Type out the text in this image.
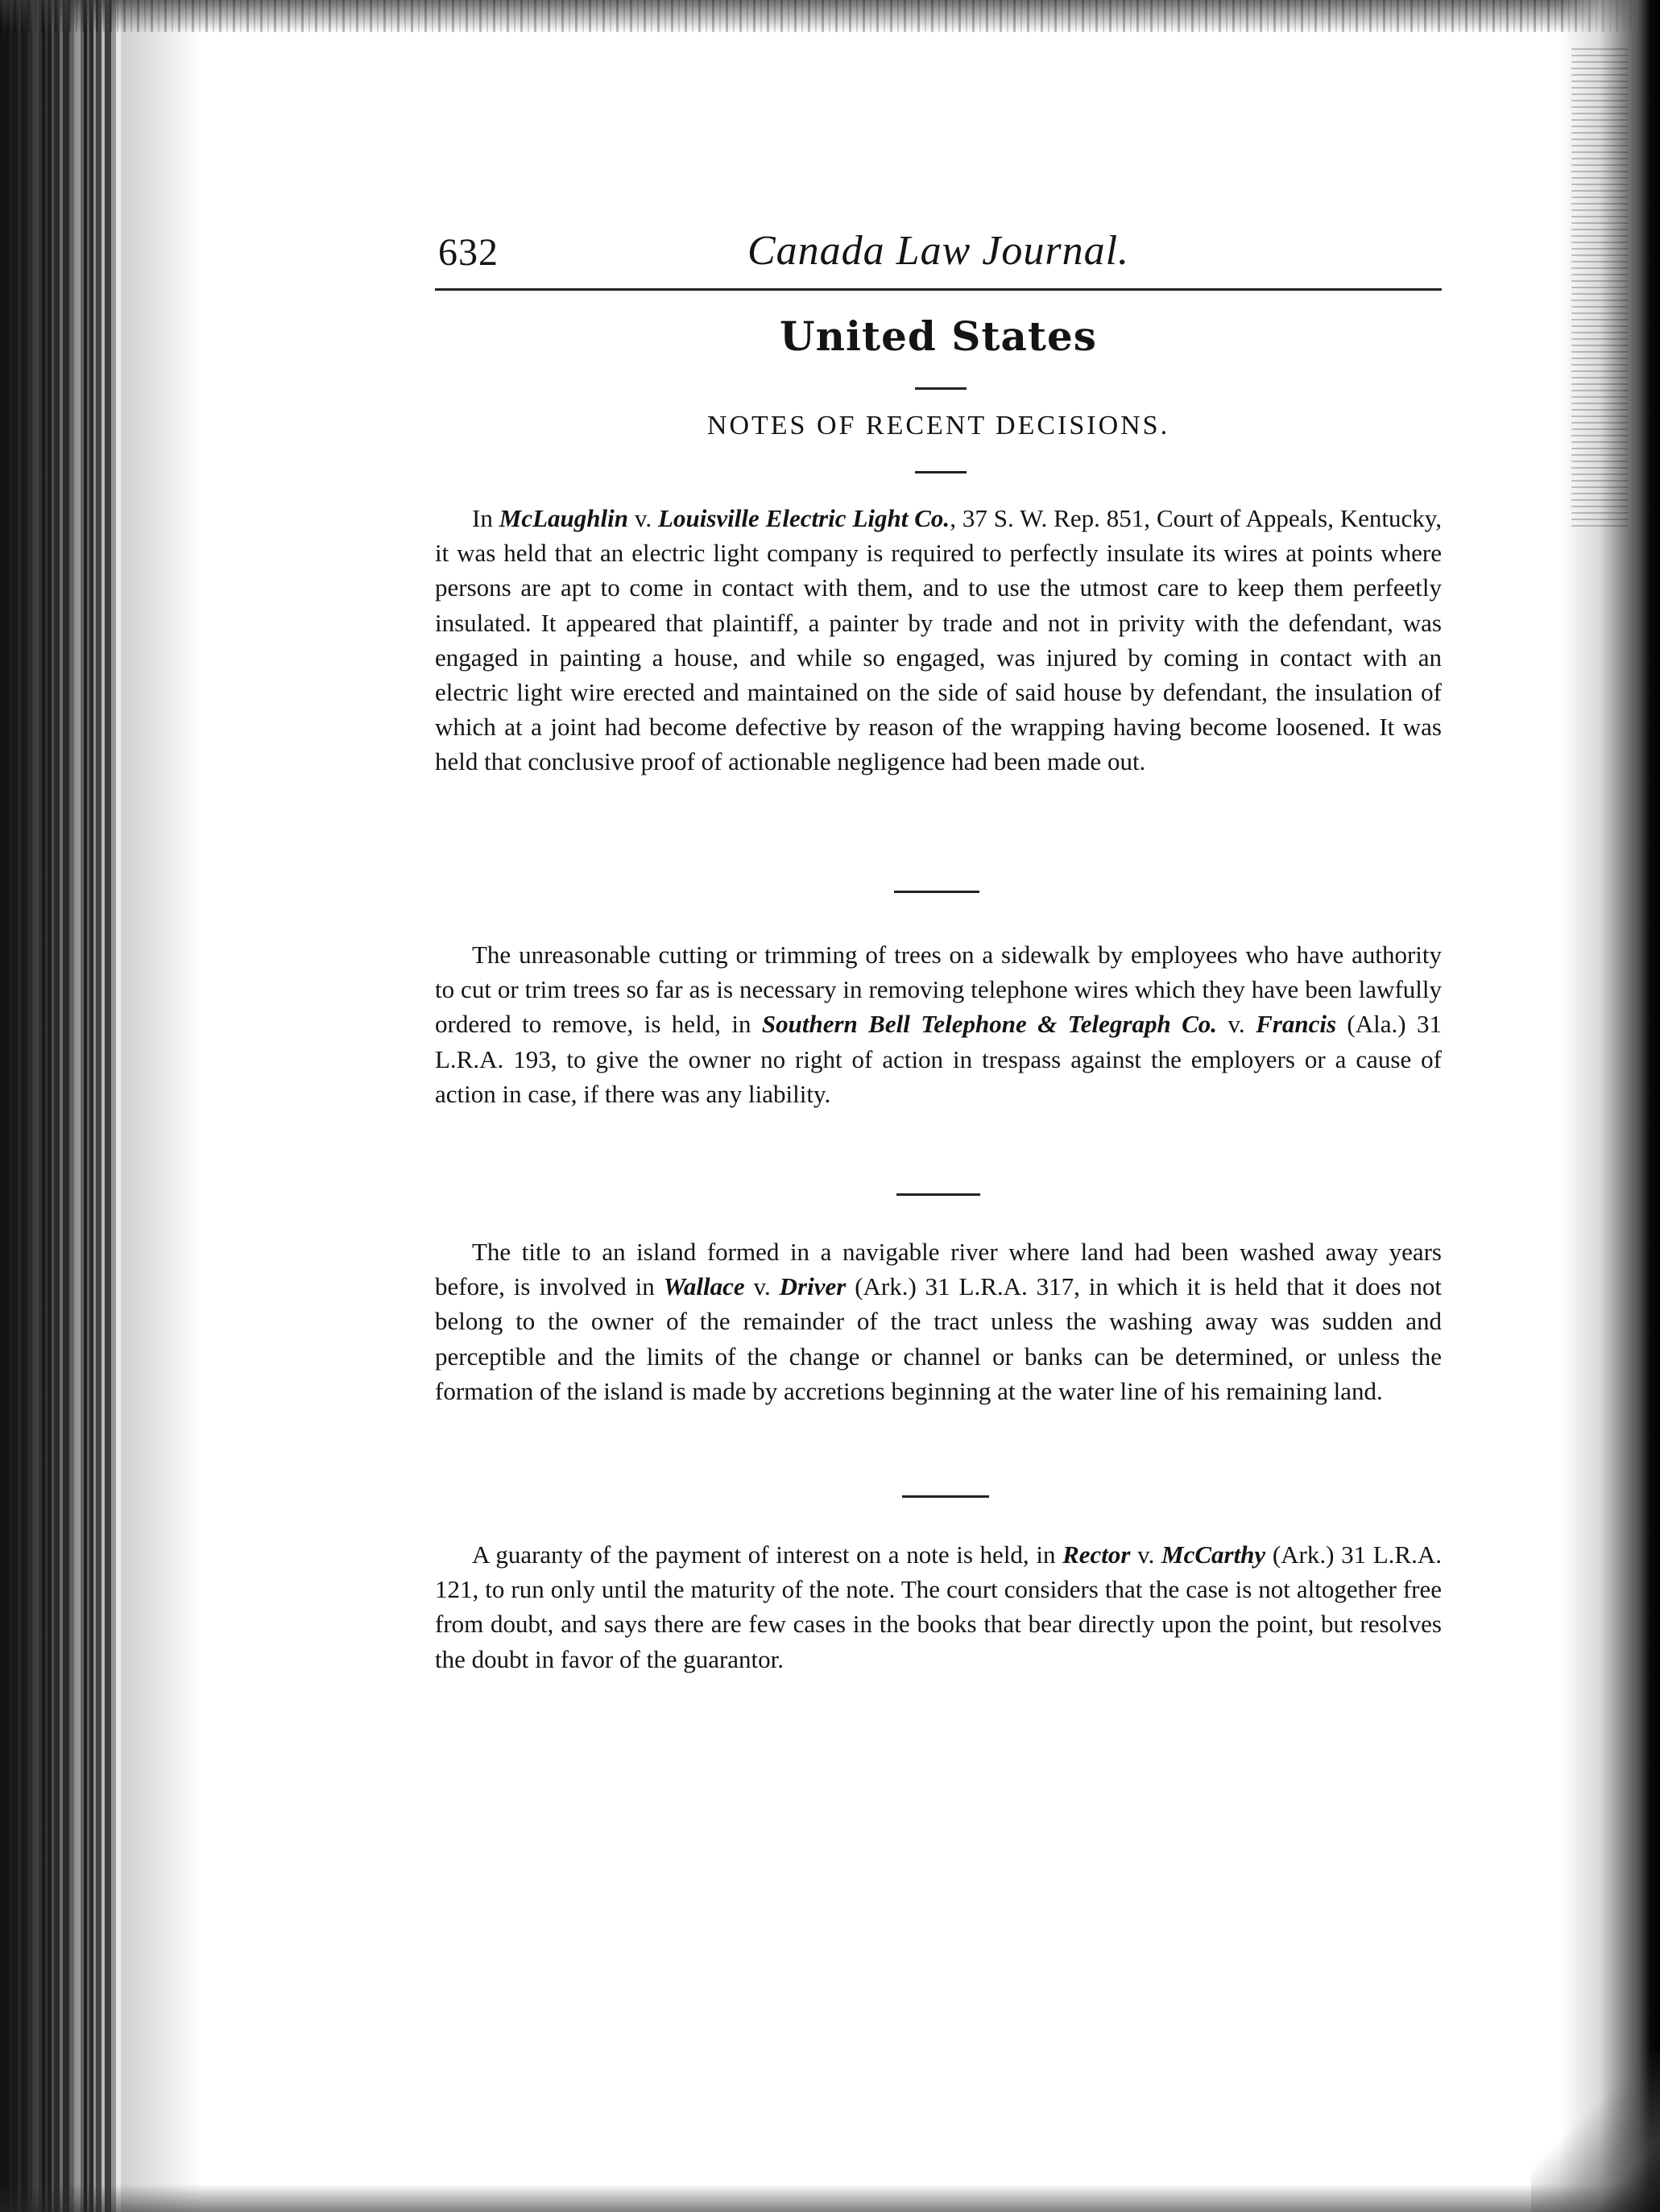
632	Canada Law Journal.
United States
NOTES OF RECENT DECISIONS.

In McLaughlin v. Louisville Electric Light Co., 37 S. W. Rep. 851, Court of Appeals, Kentucky, it was held that an electric light company is required to perfectly insulate its wires at points where persons are apt to come in contact with them, and to use the utmost care to keep them perfeetly insulated. It appeared that plaintiff, a painter by trade and not in privity with the defendant, was engaged in painting a house, and while so engaged, was injured by coming in contact with an electric light wire erected and maintained on the side of said house by defendant, the insulation of which at a joint had become defective by reason of the wrapping having become loosened. It was held that conclusive proof of actionable negligence had been made out.

The unreasonable cutting or trimming of trees on a sidewalk by employees who have authority to cut or trim trees so far as is necessary in removing telephone wires which they have been lawfully ordered to remove, is held, in Southern Bell Telephone & Telegraph Co. v. Francis (Ala.) 31 L.R.A. 193, to give the owner no right of action in trespass against the employers or a cause of action in case, if there was any liability.

The title to an island formed in a navigable river where land had been washed away years before, is involved in Wallace v. Driver (Ark.) 31 L.R.A. 317, in which it is held that it does not belong to the owner of the remainder of the tract unless the washing away was sudden and perceptible and the limits of the change or channel or banks can be determined, or unless the formation of the island is made by accretions beginning at the water line of his remaining land.

A guaranty of the payment of interest on a note is held, in Rector v. McCarthy (Ark.) 31 L.R.A. 121, to run only until the maturity of the note. The court considers that the case is not altogether free from doubt, and says there are few cases in the books that bear directly upon the point, but resolves the doubt in favor of the guarantor.
